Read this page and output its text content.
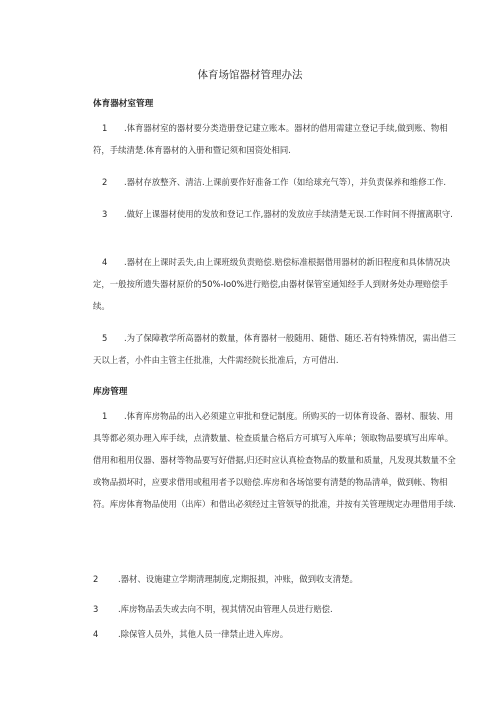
体育场馆器材管理办法
体育器材室管理
1 .体育器材室的器材要分类造册登记建立账本。器材的借用需建立登记手续,做到账、物相符，手续清楚.体育器材的入册和暨记须和国资处相同.
2 .器材存放整齐、清洁.上课前要作好准备工作（如给球充气等），并负责保养和维修工作.
3 .做好上课器材使用的发放和登记工作,器材的发放应手续清楚无误.工作时间不得擅离职守.
4 .器材在上课时丢失,由上课班级负责赔偿.赔偿标准根据借用器材的新旧程度和具体情况决定，一般按所遗失器材原价的50%-Io0%进行赔偿,由器材保管室通知经手人到财务处办理赔偿手续。
5 .为了保障教学所高器材的数量，体育器材一般随用、随借、随还.若有特殊情况，需出借三天以上者，小件由主管主任批准，大件需经院长批准后，方可借出.
库房管理
1 .体育库房物品的出入必须建立审批和登记制度。所购买的一切体育设备、器材、服装、用具等都必须办理入库手续，点清数量、检查质量合格后方可填写入库单；领取物品要填写出库单。借用和租用仪器、器材等物品要写好借据,归还时应认真检查物品的数量和质量，凡发现其数量不全或物品损坏时，应要求借用或租用者予以赔偿.库房和各场馆要有清楚的物品清单，做到帐、物相符。库房体育物品使用（出库）和借出必须经过主管领导的批准，并按有关管理规定办理借用手续.
2 .器材、设施建立学期清理制度,定期报损，冲账，做到收支清楚。
3 .库房物品丢失或去向不明，视其情况由管理人员进行赔偿.
4 .除保管人员外，其他人员一律禁止进入库房。
